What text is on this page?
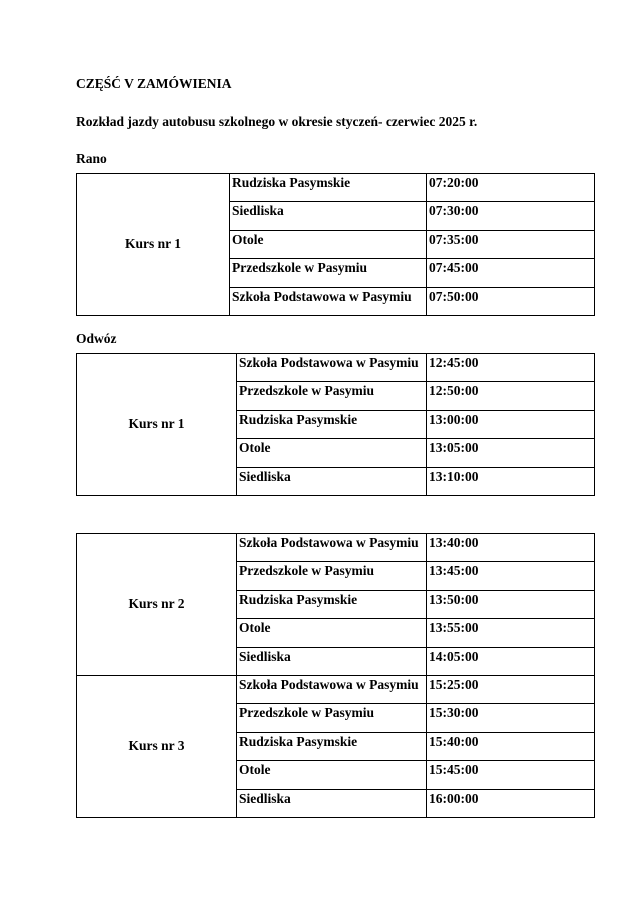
CZĘŚĆ V ZAMÓWIENIA
Rozkład jazdy autobusu szkolnego w okresie styczeń- czerwiec 2025 r.
Rano
Kurs nr 1	Rudziska Pasymskie	07:20:00
	Siedliska	07:30:00
	Otole	07:35:00
	Przedszkole w Pasymiu	07:45:00
	Szkoła Podstawowa w Pasymiu	07:50:00
Odwóz
Kurs nr 1	Szkoła Podstawowa w Pasymiu	12:45:00
	Przedszkole w Pasymiu	12:50:00
	Rudziska Pasymskie	13:00:00
	Otole	13:05:00
	Siedliska	13:10:00
Kurs nr 2	Szkoła Podstawowa w Pasymiu	13:40:00
	Przedszkole w Pasymiu	13:45:00
	Rudziska Pasymskie	13:50:00
	Otole	13:55:00
	Siedliska	14:05:00
Kurs nr 3	Szkoła Podstawowa w Pasymiu	15:25:00
	Przedszkole w Pasymiu	15:30:00
	Rudziska Pasymskie	15:40:00
	Otole	15:45:00
	Siedliska	16:00:00
